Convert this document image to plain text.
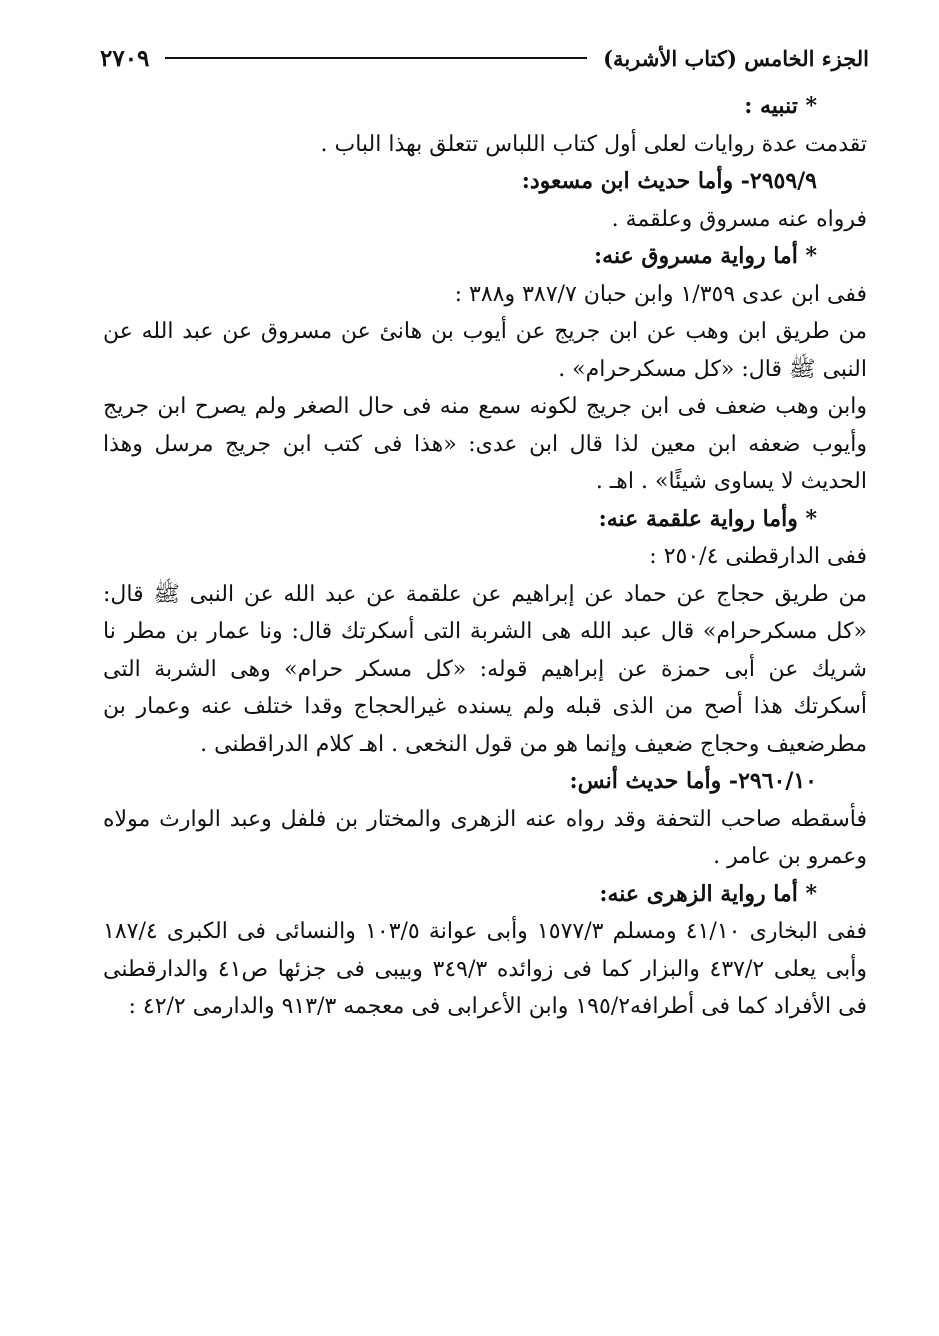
الجزء الخامس (كتاب الأشربة)
٢٧٠٩

* تنبيه :

تقدمت عدة روايات لعلى أول كتاب اللباس تتعلق بهذا الباب .

٢٩٥٩/٩- وأما حديث ابن مسعود:

فرواه عنه مسروق وعلقمة .

* أما رواية مسروق عنه:

ففى ابن عدى ١/٣٥٩ وابن حبان ٣٨٧/٧ و٣٨٨ :

من طريق ابن وهب عن ابن جريج عن أيوب بن هانئ عن مسروق عن عبد الله عن النبى ﷺ قال: «كل مسكرحرام» .

وابن وهب ضعف فى ابن جريج لكونه سمع منه فى حال الصغر ولم يصرح ابن جريج وأيوب ضعفه ابن معين لذا قال ابن عدى: «هذا فى كتب ابن جريج مرسل وهذا الحديث لا يساوى شيئًا» . اهـ .

* وأما رواية علقمة عنه:

ففى الدارقطنى ٢٥٠/٤ :

من طريق حجاج عن حماد عن إبراهيم عن علقمة عن عبد الله عن النبى ﷺ قال: «كل مسكرحرام» قال عبد الله هى الشربة التى أسكرتك قال: ونا عمار بن مطر نا شريك عن أبى حمزة عن إبراهيم قوله: «كل مسكر حرام» وهى الشربة التى أسكرتك هذا أصح من الذى قبله ولم يسنده غيرالحجاج وقدا ختلف عنه وعمار بن مطرضعيف وحجاج ضعيف وإنما هو من قول النخعى . اهـ كلام الدراقطنى .

٢٩٦٠/١٠- وأما حديث أنس:

فأسقطه صاحب التحفة وقد رواه عنه الزهرى والمختار بن فلفل وعبد الوارث مولاه وعمرو بن عامر .

* أما رواية الزهرى عنه:

ففى البخارى ٤١/١٠ ومسلم ١٥٧٧/٣ وأبى عوانة ١٠٣/٥ والنسائى فى الكبرى ١٨٧/٤ وأبى يعلى ٤٣٧/٢ والبزار كما فى زوائده ٣٤٩/٣ وبيبى فى جزئها ص٤١ والدارقطنى فى الأفراد كما فى أطرافه١٩٥/٢ وابن الأعرابى فى معجمه ٩١٣/٣ والدارمى ٤٢/٢ :
